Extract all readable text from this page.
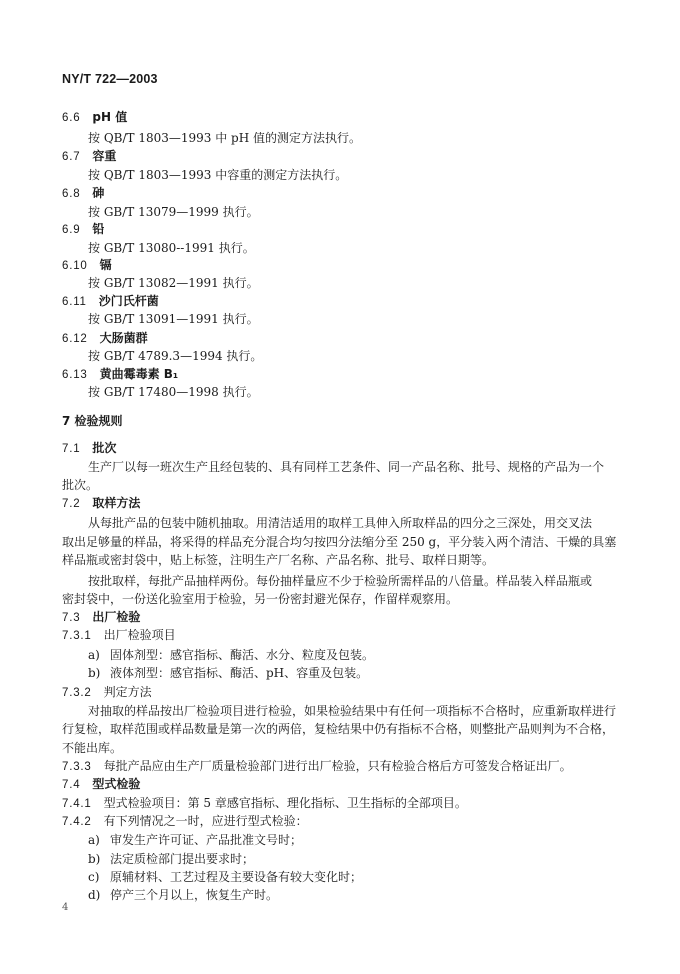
NY/T 722—2003
6.6 pH 值
按 QB/T 1803—1993 中 pH 值的测定方法执行。
6.7 容重
按 QB/T 1803—1993 中容重的测定方法执行。
6.8 砷
按 GB/T 13079—1999 执行。
6.9 铅
按 GB/T 13080--1991 执行。
6.10 镉
按 GB/T 13082—1991 执行。
6.11 沙门氏杆菌
按 GB/T 13091—1991 执行。
6.12 大肠菌群
按 GB/T 4789.3—1994 执行。
6.13 黄曲霉毒素 B₁
按 GB/T 17480—1998 执行。
7 检验规则
7.1 批次
生产厂以每一班次生产且经包装的、具有同样工艺条件、同一产品名称、批号、规格的产品为一个
批次。
7.2 取样方法
从每批产品的包装中随机抽取。用清洁适用的取样工具伸入所取样品的四分之三深处，用交叉法
取出足够量的样品，将采得的样品充分混合均匀按四分法缩分至 250 g，平分装入两个清洁、干燥的具塞
样品瓶或密封袋中，贴上标签，注明生产厂名称、产品名称、批号、取样日期等。
按批取样，每批产品抽样两份。每份抽样量应不少于检验所需样品的八倍量。样品装入样品瓶或
密封袋中，一份送化验室用于检验，另一份密封避光保存，作留样观察用。
7.3 出厂检验
7.3.1 出厂检验项目
a) 固体剂型：感官指标、酶活、水分、粒度及包装。
b) 液体剂型：感官指标、酶活、pH、容重及包装。
7.3.2 判定方法
对抽取的样品按出厂检验项目进行检验，如果检验结果中有任何一项指标不合格时，应重新取样进行
行复检，取样范围或样品数量是第一次的两倍，复检结果中仍有指标不合格，则整批产品则判为不合格，
不能出库。
7.3.3 每批产品应由生产厂质量检验部门进行出厂检验，只有检验合格后方可签发合格证出厂。
7.4 型式检验
7.4.1 型式检验项目：第 5 章感官指标、理化指标、卫生指标的全部项目。
7.4.2 有下列情况之一时，应进行型式检验：
a) 审发生产许可证、产品批准文号时；
b) 法定质检部门提出要求时；
c) 原辅材料、工艺过程及主要设备有较大变化时；
d) 停产三个月以上，恢复生产时。
4
